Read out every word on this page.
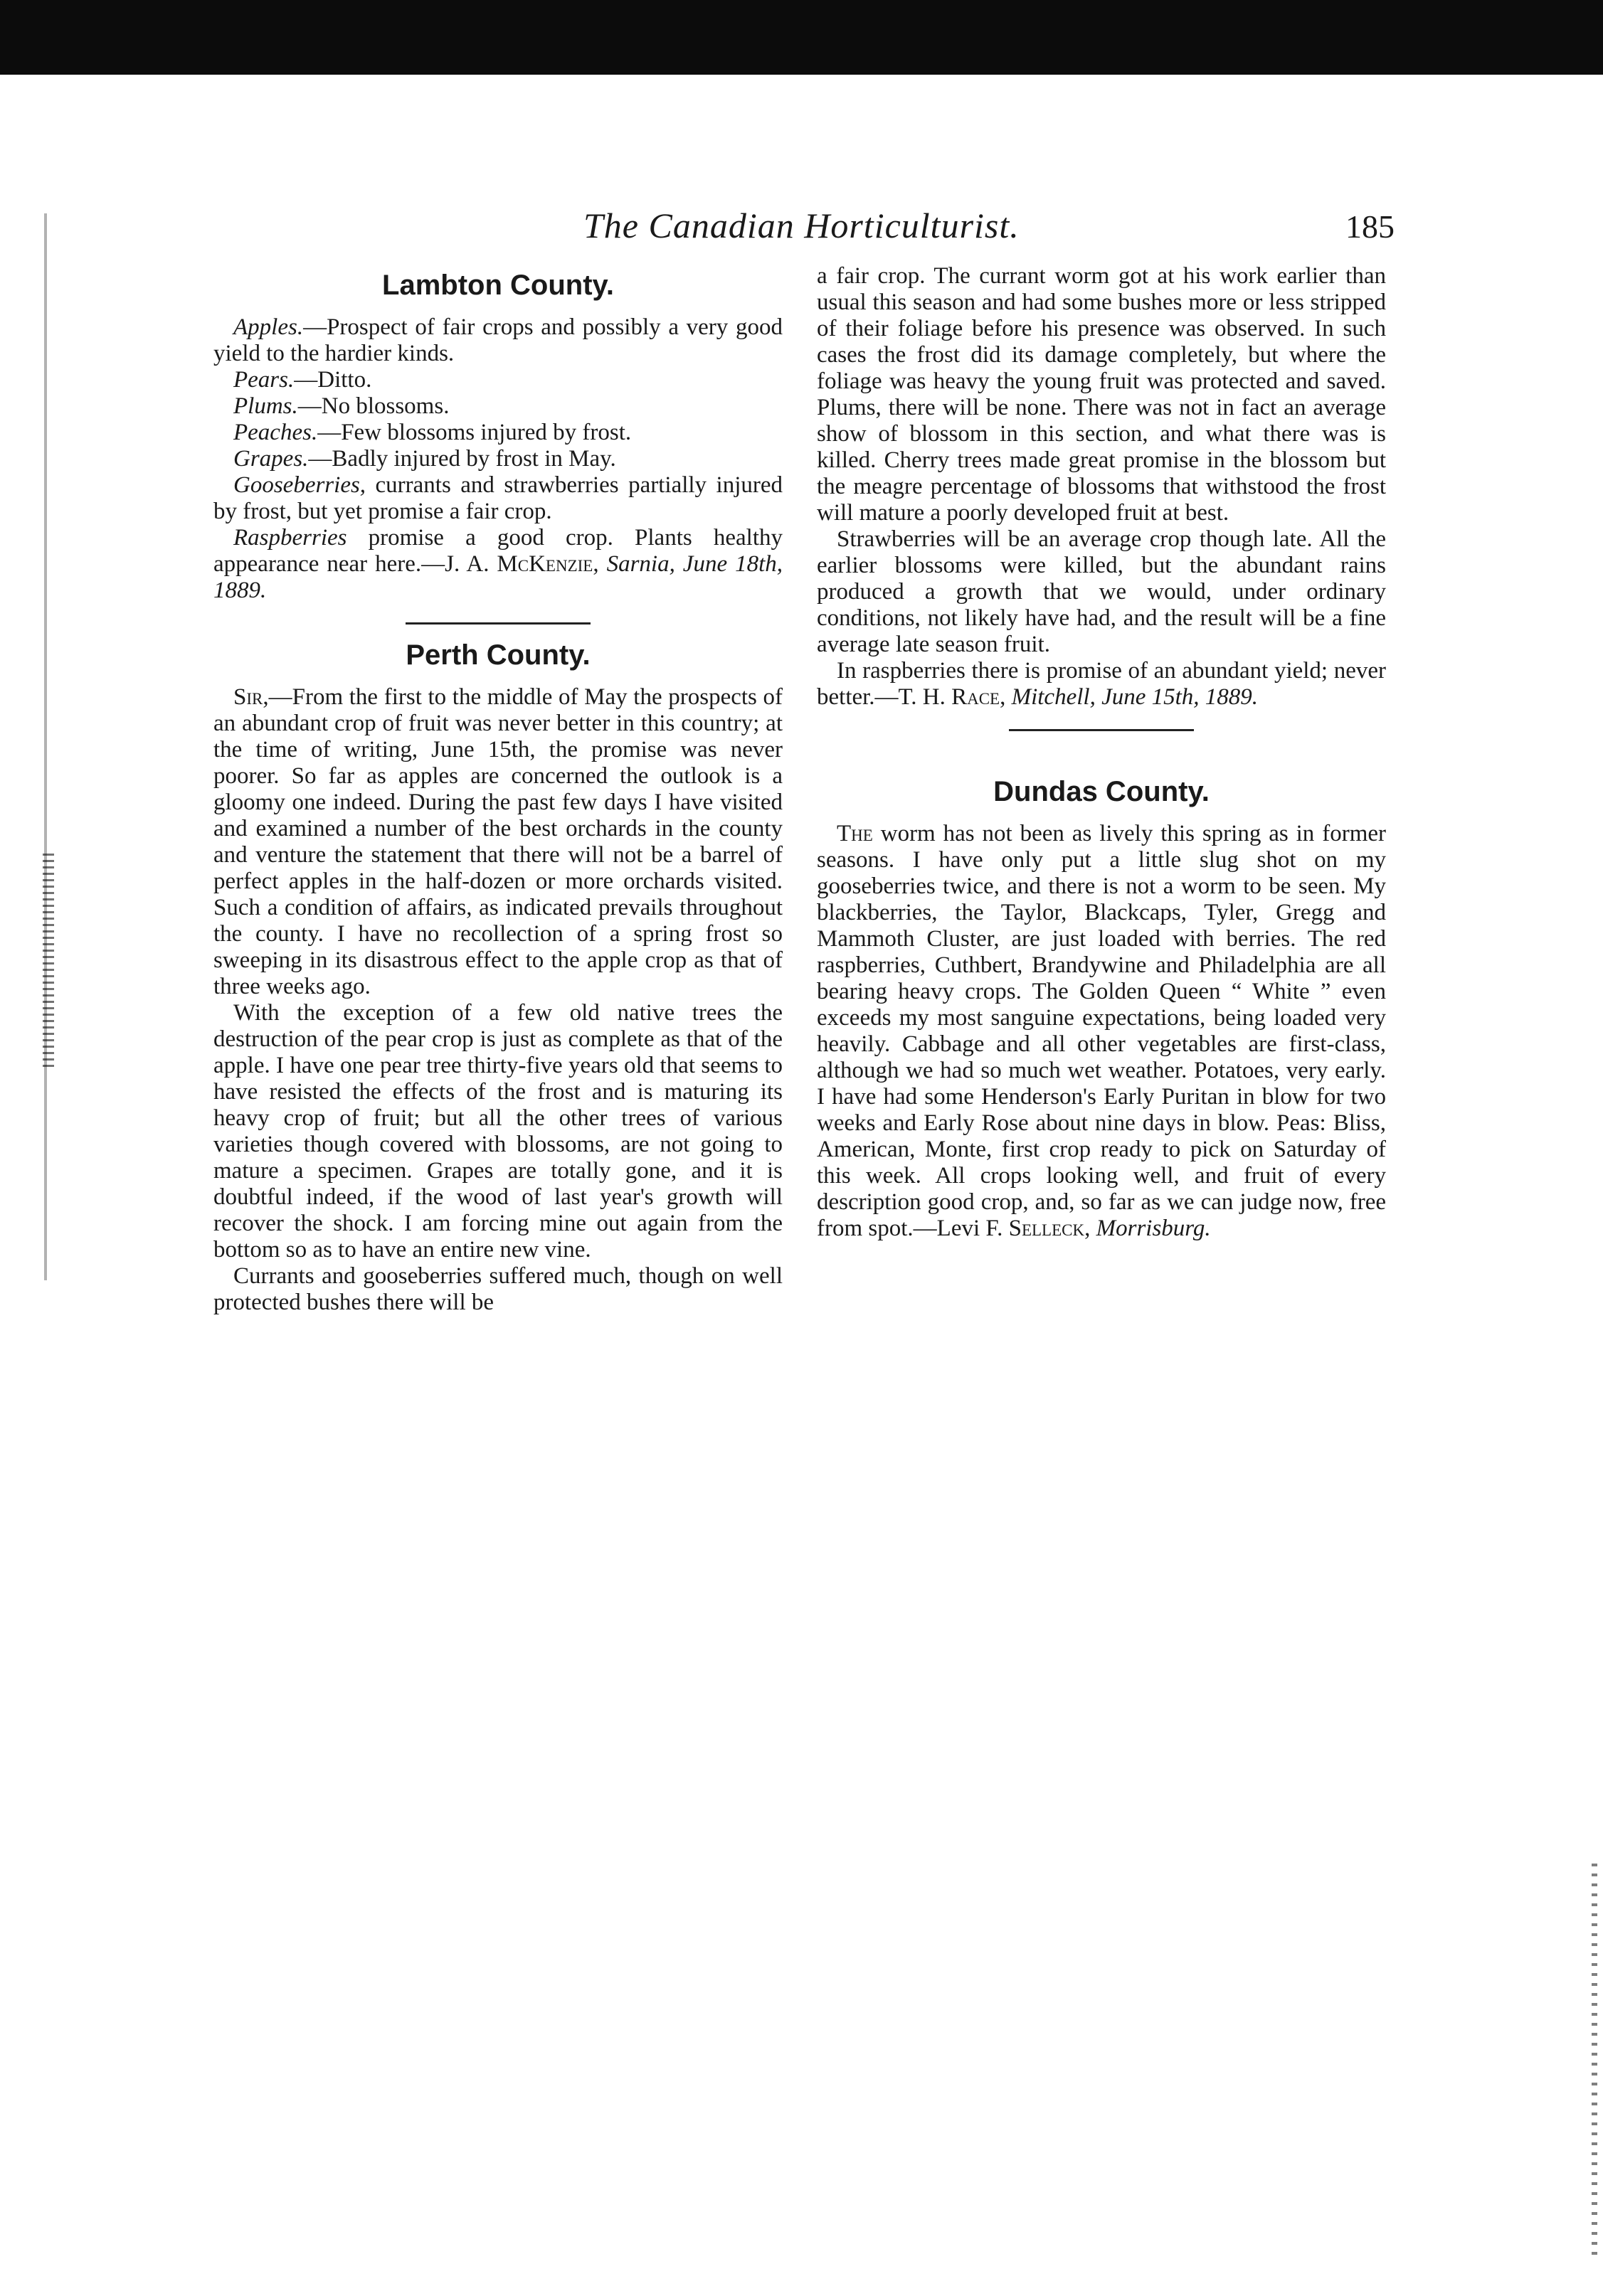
The Canadian Horticulturist.	185
Lambton County.

Apples.—Prospect of fair crops and possibly a very good yield to the hardier kinds.

Pears.—Ditto.

Plums.—No blossoms.

Peaches.—Few blossoms injured by frost.

Grapes.—Badly injured by frost in May.

Gooseberries, currants and strawberries partially injured by frost, but yet promise a fair crop.

Raspberries promise a good crop. Plants healthy appearance near here.—J. A. McKenzie, Sarnia, June 18th, 1889.

Perth County.

Sir,—From the first to the middle of May the prospects of an abundant crop of fruit was never better in this country; at the time of writing, June 15th, the promise was never poorer. So far as apples are concerned the outlook is a gloomy one indeed. During the past few days I have visited and examined a number of the best orchards in the county and venture the statement that there will not be a barrel of perfect apples in the half-dozen or more orchards visited. Such a condition of affairs, as indicated prevails throughout the county. I have no recollection of a spring frost so sweeping in its disastrous effect to the apple crop as that of three weeks ago.

With the exception of a few old native trees the destruction of the pear crop is just as complete as that of the apple. I have one pear tree thirty-five years old that seems to have resisted the effects of the frost and is maturing its heavy crop of fruit; but all the other trees of various varieties though covered with blossoms, are not going to mature a specimen. Grapes are totally gone, and it is doubtful indeed, if the wood of last year's growth will recover the shock. I am forcing mine out again from the bottom so as to have an entire new vine.

Currants and gooseberries suffered much, though on well protected bushes there will be

a fair crop. The currant worm got at his work earlier than usual this season and had some bushes more or less stripped of their foliage before his presence was observed. In such cases the frost did its damage completely, but where the foliage was heavy the young fruit was protected and saved. Plums, there will be none. There was not in fact an average show of blossom in this section, and what there was is killed. Cherry trees made great promise in the blossom but the meagre percentage of blossoms that withstood the frost will mature a poorly developed fruit at best.

Strawberries will be an average crop though late. All the earlier blossoms were killed, but the abundant rains produced a growth that we would, under ordinary conditions, not likely have had, and the result will be a fine average late season fruit.

In raspberries there is promise of an abundant yield; never better.—T. H. Race, Mitchell, June 15th, 1889.

Dundas County.

The worm has not been as lively this spring as in former seasons. I have only put a little slug shot on my gooseberries twice, and there is not a worm to be seen. My blackberries, the Taylor, Blackcaps, Tyler, Gregg and Mammoth Cluster, are just loaded with berries. The red raspberries, Cuthbert, Brandywine and Philadelphia are all bearing heavy crops. The Golden Queen “ White ” even exceeds my most sanguine expectations, being loaded very heavily. Cabbage and all other vegetables are first-class, although we had so much wet weather. Potatoes, very early. I have had some Henderson's Early Puritan in blow for two weeks and Early Rose about nine days in blow. Peas: Bliss, American, Monte, first crop ready to pick on Saturday of this week. All crops looking well, and fruit of every description good crop, and, so far as we can judge now, free from spot.—Levi F. Selleck, Morrisburg.
